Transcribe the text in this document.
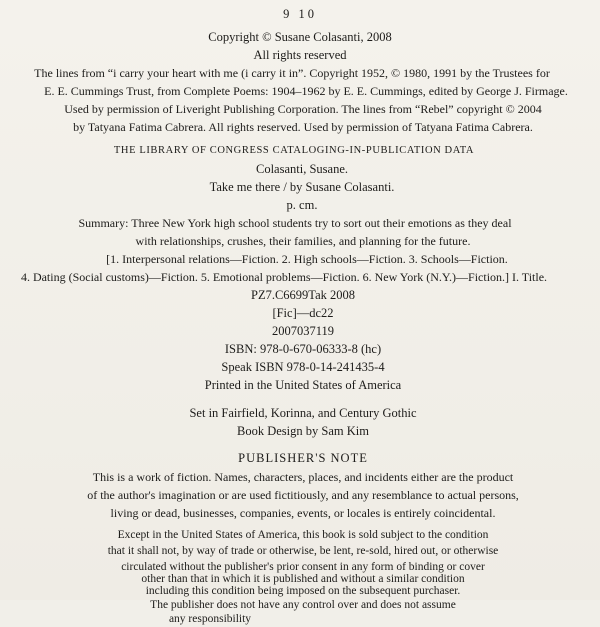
9 10
Copyright © Susane Colasanti, 2008
All rights reserved
The lines from “i carry your heart with me (i carry it in”. Copyright 1952, © 1980, 1991 by the Trustees for
E. E. Cummings Trust, from Complete Poems: 1904–1962 by E. E. Cummings, edited by George J. Firmage.
Used by permission of Liveright Publishing Corporation. The lines from “Rebel” copyright © 2004
by Tatyana Fatima Cabrera. All rights reserved. Used by permission of Tatyana Fatima Cabrera.
THE LIBRARY OF CONGRESS CATALOGING-IN-PUBLICATION DATA
Colasanti, Susane.
Take me there / by Susane Colasanti.
p. cm.
Summary: Three New York high school students try to sort out their emotions as they deal
with relationships, crushes, their families, and planning for the future.
[1. Interpersonal relations—Fiction. 2. High schools—Fiction. 3. Schools—Fiction.
4. Dating (Social customs)—Fiction. 5. Emotional problems—Fiction. 6. New York (N.Y.)—Fiction.] I. Title.
PZ7.C6699Tak 2008
[Fic]—dc22
2007037119
ISBN: 978-0-670-06333-8 (hc)
Speak ISBN 978-0-14-241435-4
Printed in the United States of America
Set in Fairfield, Korinna, and Century Gothic
Book Design by Sam Kim
PUBLISHER'S NOTE
This is a work of fiction. Names, characters, places, and incidents either are the product
of the author's imagination or are used fictitiously, and any resemblance to actual persons,
living or dead, businesses, companies, events, or locales is entirely coincidental.
Except in the United States of America, this book is sold subject to the condition
that it shall not, by way of trade or otherwise, be lent, re-sold, hired out, or otherwise
circulated without the publisher's prior consent in any form of binding or cover
other than that in which it is published and without a similar condition
including this condition being imposed on the subsequent purchaser.
The publisher does not have any control over and does not assume
any responsibility
